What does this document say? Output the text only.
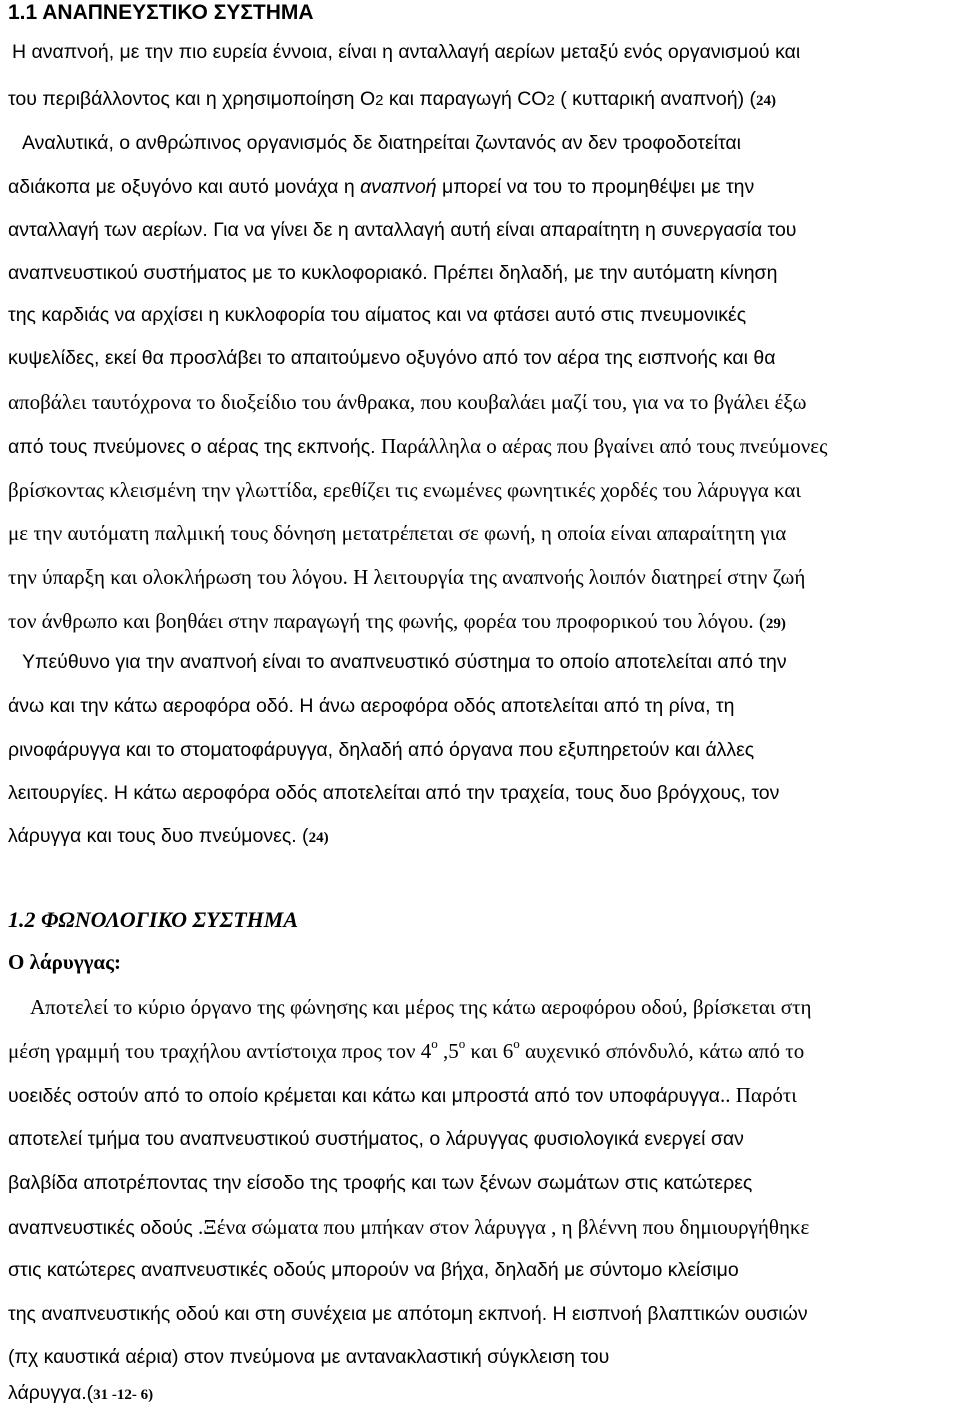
1.1 ΑΝΑΠΝΕΥΣΤΙΚΟ ΣΥΣΤΗΜΑ
Η αναπνοή, με την πιο ευρεία έννοια, είναι η ανταλλαγή αερίων μεταξύ ενός οργανισμού και
του περιβάλλοντος και η χρησιμοποίηση O2 και παραγωγή CO2 ( κυτταρική αναπνοή) (24)
Αναλυτικά, ο ανθρώπινος οργανισμός δε διατηρείται ζωντανός αν δεν τροφοδοτείται
αδιάκοπα με οξυγόνο και αυτό μονάχα η αναπνοή μπορεί να του το προμηθέψει με την
ανταλλαγή των αερίων. Για να γίνει δε η ανταλλαγή αυτή είναι απαραίτητη η συνεργασία του
αναπνευστικού συστήματος με το κυκλοφοριακό. Πρέπει δηλαδή, με την αυτόματη κίνηση
της καρδιάς να αρχίσει η κυκλοφορία του αίματος και να φτάσει αυτό στις πνευμονικές
κυψελίδες, εκεί θα προσλάβει το απαιτούμενο οξυγόνο από τον αέρα της εισπνοής και θα
αποβάλει ταυτόχρονα το διοξείδιο του άνθρακα, που κουβαλάει μαζί του, για να το βγάλει έξω
από τους πνεύμονες ο αέρας της εκπνοής. Παράλληλα ο αέρας που βγαίνει από τους πνεύμονες
βρίσκοντας κλεισμένη την γλωττίδα, ερεθίζει τις ενωμένες φωνητικές χορδές του λάρυγγα και
με την αυτόματη παλμική τους δόνηση μετατρέπεται σε φωνή, η οποία είναι απαραίτητη για
την ύπαρξη και ολοκλήρωση του λόγου. Η λειτουργία της αναπνοής λοιπόν διατηρεί στην ζωή
τον άνθρωπο και βοηθάει στην παραγωγή της φωνής, φορέα του προφορικού του λόγου. (29)
Υπεύθυνο για την αναπνοή είναι το αναπνευστικό σύστημα το οποίο αποτελείται από την
άνω και την κάτω αεροφόρα οδό. Η άνω αεροφόρα οδός αποτελείται από τη ρίνα, τη
ρινοφάρυγγα και το στοματοφάρυγγα, δηλαδή από όργανα που εξυπηρετούν και άλλες
λειτουργίες. Η κάτω αεροφόρα οδός αποτελείται από την τραχεία, τους δυο βρόγχους, τον
λάρυγγα και τους δυο πνεύμονες. (24)
1.2 ΦΩΝΟΛΟΓΙΚΟ ΣΥΣΤΗΜΑ
Ο λάρυγγας:
Αποτελεί το κύριο όργανο της φώνησης και μέρος της κάτω αεροφόρου οδού, βρίσκεται στη
μέση γραμμή του τραχήλου αντίστοιχα προς τον $4^o$ $,5^o$ και $6^o$ αυχενικό σπόνδυλό, κάτω από το
υοειδές οστούν από το οποίο κρέμεται και κάτω και μπροστά από τον υποφάρυγγα.. Παρότι
αποτελεί τμήμα του αναπνευστικού συστήματος, ο λάρυγγας φυσιολογικά ενεργεί σαν
βαλβίδα αποτρέποντας την είσοδο της τροφής και των ξένων σωμάτων στις κατώτερες
αναπνευστικές οδούς .Ξένα σώματα που μπήκαν στον λάρυγγα , η βλέννη που δημιουργήθηκε
στις κατώτερες αναπνευστικές οδούς μπορούν να βήχα, δηλαδή με σύντομο κλείσιμο
της αναπνευστικής οδού και στη συνέχεια με απότομη εκπνοή. Η εισπνοή βλαπτικών ουσιών
(πχ καυστικά αέρια) στον πνεύμονα με αντανακλαστική σύγκλειση του
λάρυγγα.(31 -12- 6)
